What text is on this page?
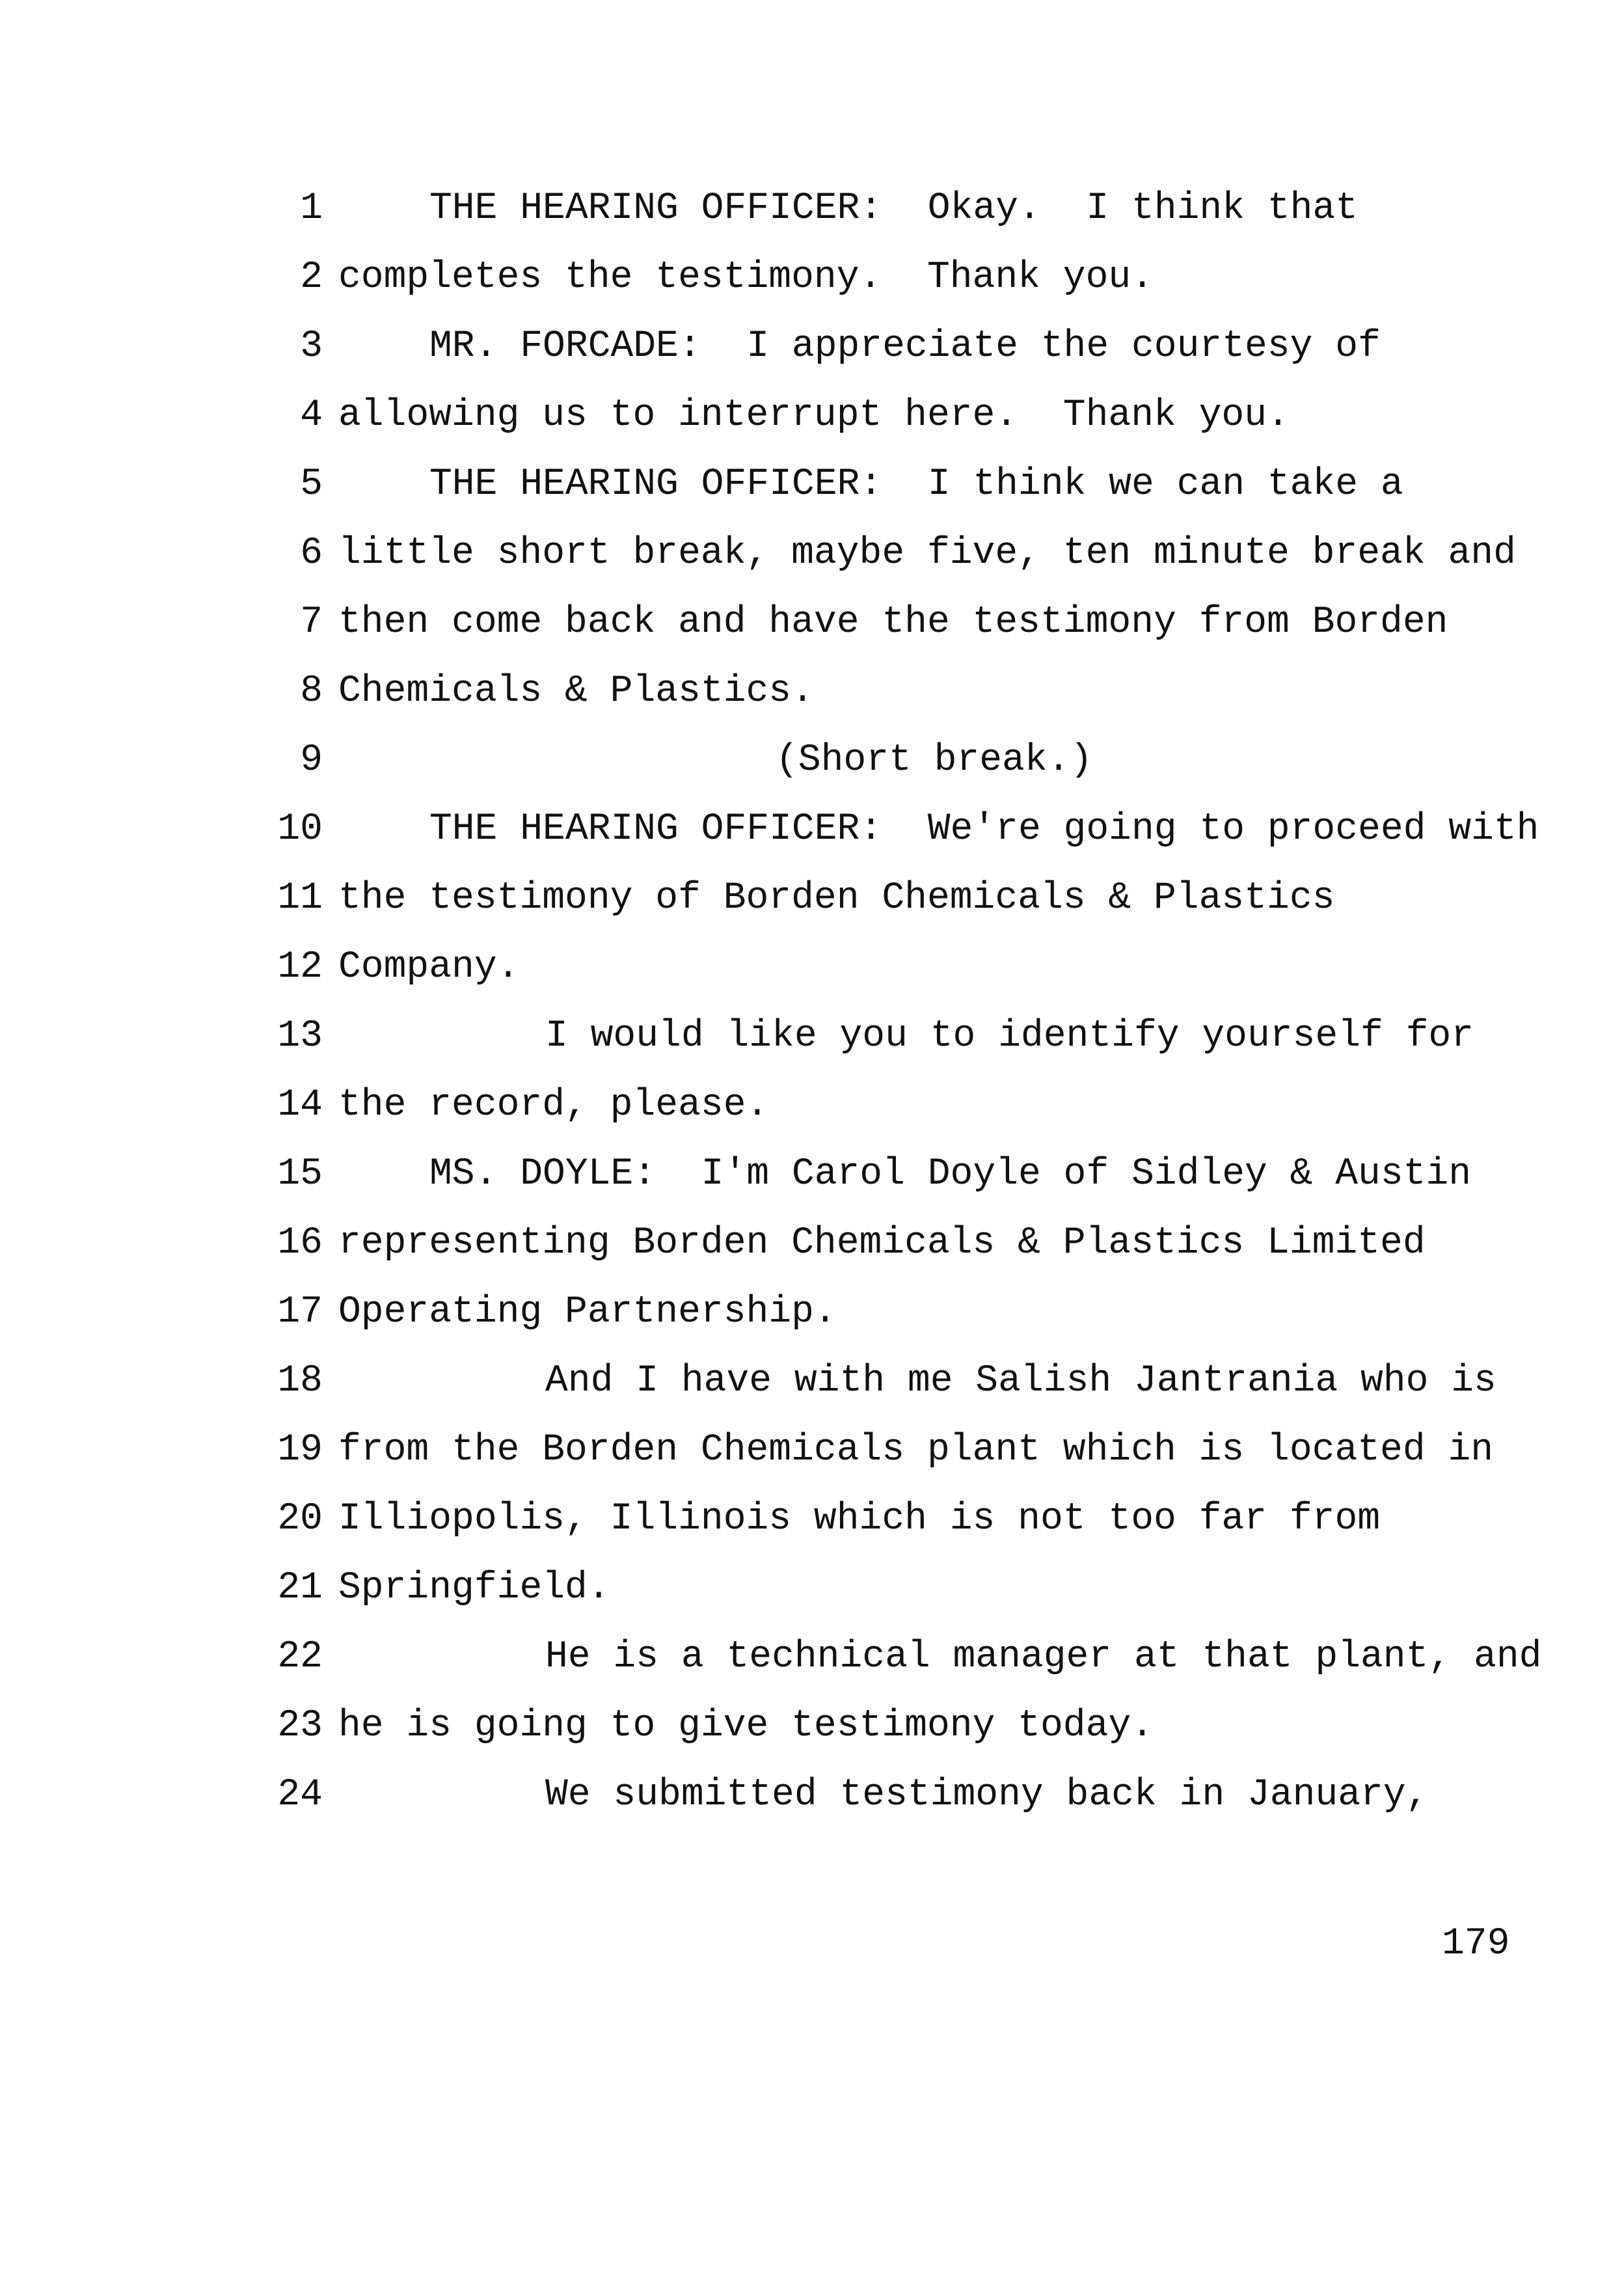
1

	THE HEARING OFFICER:  Okay.  I think that

2

completes the testimony.  Thank you.

3

	MR. FORCADE:  I appreciate the courtesy of

4

allowing us to interrupt here.  Thank you.

5

	THE HEARING OFFICER:  I think we can take a

6

little short break, maybe five, ten minute break and

7

then come back and have the testimony from Borden

8

Chemicals & Plastics.

9

	(Short break.)

10

	THE HEARING OFFICER:  We're going to proceed with

11

the testimony of Borden Chemicals & Plastics

12

Company.

13

	I would like you to identify yourself for

14

the record, please.

15

	MS. DOYLE:  I'm Carol Doyle of Sidley & Austin

16

representing Borden Chemicals & Plastics Limited

17

Operating Partnership.

18

	And I have with me Salish Jantrania who is

19

from the Borden Chemicals plant which is located in

20

Illiopolis, Illinois which is not too far from

21

Springfield.

22

	He is a technical manager at that plant, and

23

he is going to give testimony today.

24

	We submitted testimony back in January,

179
